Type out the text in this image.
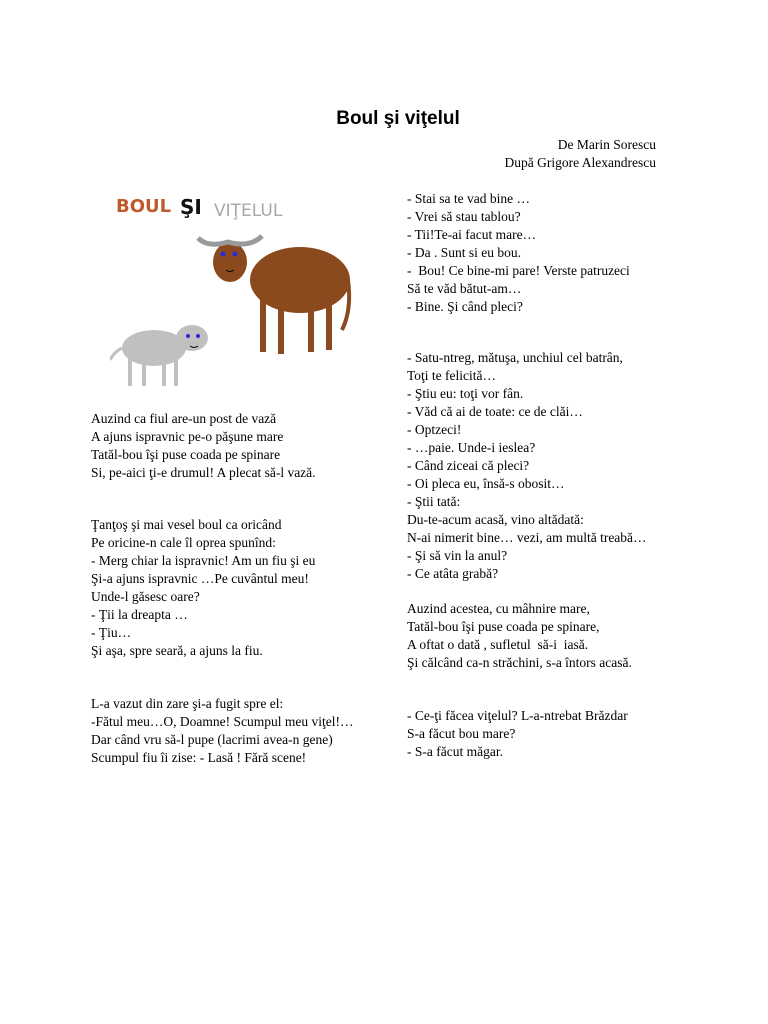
Boul şi viţelul
De Marin Sorescu
După Grigore Alexandrescu
BOUL ŞI VIŢELUL
Auzind ca fiul are-un post de vază
A ajuns ispravnic pe-o păşune mare
Tatăl-bou îşi puse coada pe spinare
Si, pe-aici ţi-e drumul! A plecat să-l vază.
Ţanţoş şi mai vesel boul ca oricând
Pe oricine-n cale îl oprea spunînd:
- Merg chiar la ispravnic! Am un fiu şi eu
Şi-a ajuns ispravnic …Pe cuvântul meu!
Unde-l găsesc oare?
- Ţii la dreapta …
- Ţiu…
Şi aşa, spre seară, a ajuns la fiu.
L-a vazut din zare şi-a fugit spre el:
-Fătul meu…O, Doamne! Scumpul meu viţel!…
Dar când vru să-l pupe (lacrimi avea-n gene)
Scumpul fiu îi zise: - Lasă ! Fără scene!
- Stai sa te vad bine …
- Vrei să stau tablou?
- Tii!Te-ai facut mare…
- Da . Sunt si eu bou.
-  Bou! Ce bine-mi pare! Verste patruzeci
Să te văd bătut-am…
- Bine. Şi când pleci?
- Satu-ntreg, mătuşa, unchiul cel batrân,
Toţi te felicită…
- Ştiu eu: toţi vor fân.
- Văd că ai de toate: ce de clăi…
- Optzeci!
- …paie. Unde-i ieslea?
- Când ziceai că pleci?
- Oi pleca eu, însă-s obosit…
- Ştii tată:
Du-te-acum acasă, vino altădată:
N-ai nimerit bine… vezi, am multă treabă…
- Şi să vin la anul?
- Ce atâta grabă?
Auzind acestea, cu mâhnire mare,
Tatăl-bou îşi puse coada pe spinare,
A oftat o dată , sufletul  să-i  iasă.
Şi călcând ca-n străchini, s-a întors acasă.
- Ce-ţi făcea viţelul? L-a-ntrebat Brăzdar
S-a făcut bou mare?
- S-a făcut măgar.
